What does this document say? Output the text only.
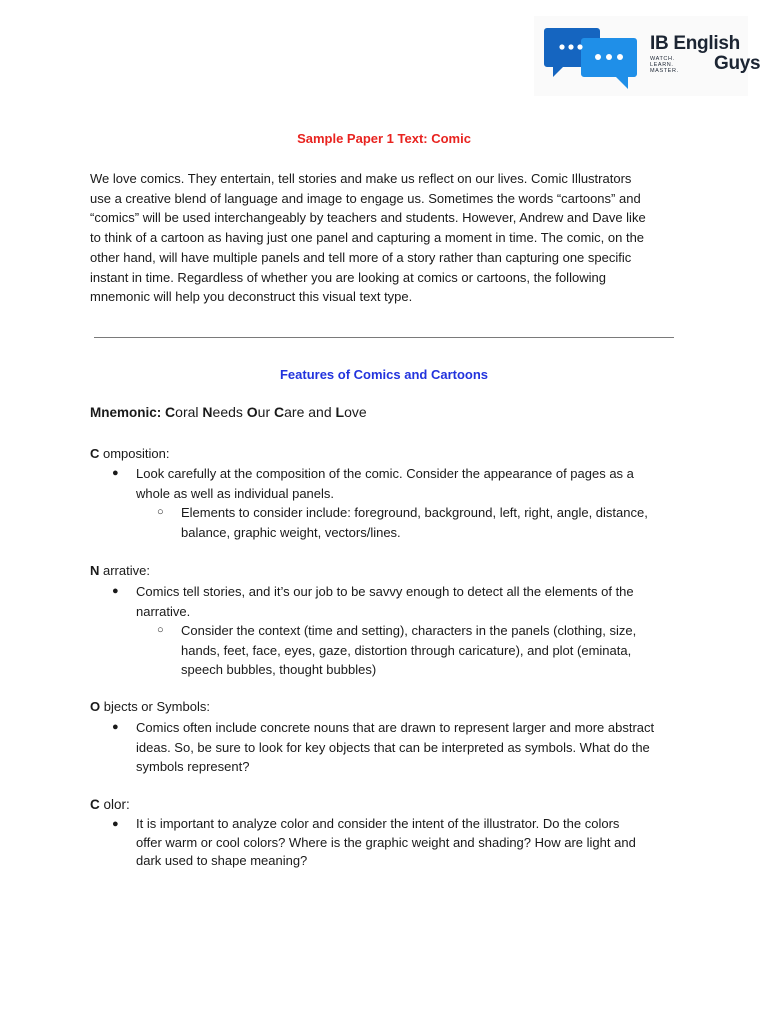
IB English
WATCH.
LEARN.
MASTER.	Guys
Sample Paper 1 Text: Comic
We love comics. They entertain, tell stories and make us reflect on our lives. Comic Illustrators
use a creative blend of language and image to engage us. Sometimes the words “cartoons” and
“comics” will be used interchangeably by teachers and students. However, Andrew and Dave like
to think of a cartoon as having just one panel and capturing a moment in time. The comic, on the
other hand, will have multiple panels and tell more of a story rather than capturing one specific
instant in time. Regardless of whether you are looking at comics or cartoons, the following
mnemonic will help you deconstruct this visual text type.
Features of Comics and Cartoons
Mnemonic: Coral Needs Our Care and Love
C omposition:
●	Look carefully at the composition of the comic. Consider the appearance of pages as a
whole as well as individual panels.
○ Elements to consider include: foreground, background, left, right, angle, distance,
balance, graphic weight, vectors/lines.
N arrative:
●	Comics tell stories, and it’s our job to be savvy enough to detect all the elements of the
narrative.
○ Consider the context (time and setting), characters in the panels (clothing, size,
hands, feet, face, eyes, gaze, distortion through caricature), and plot (eminata,
speech bubbles, thought bubbles)
O bjects or Symbols:
●	Comics often include concrete nouns that are drawn to represent larger and more abstract
ideas. So, be sure to look for key objects that can be interpreted as symbols. What do the
symbols represent?
C olor:
●	It is important to analyze color and consider the intent of the illustrator. Do the colors
offer warm or cool colors? Where is the graphic weight and shading? How are light and
dark used to shape meaning?
